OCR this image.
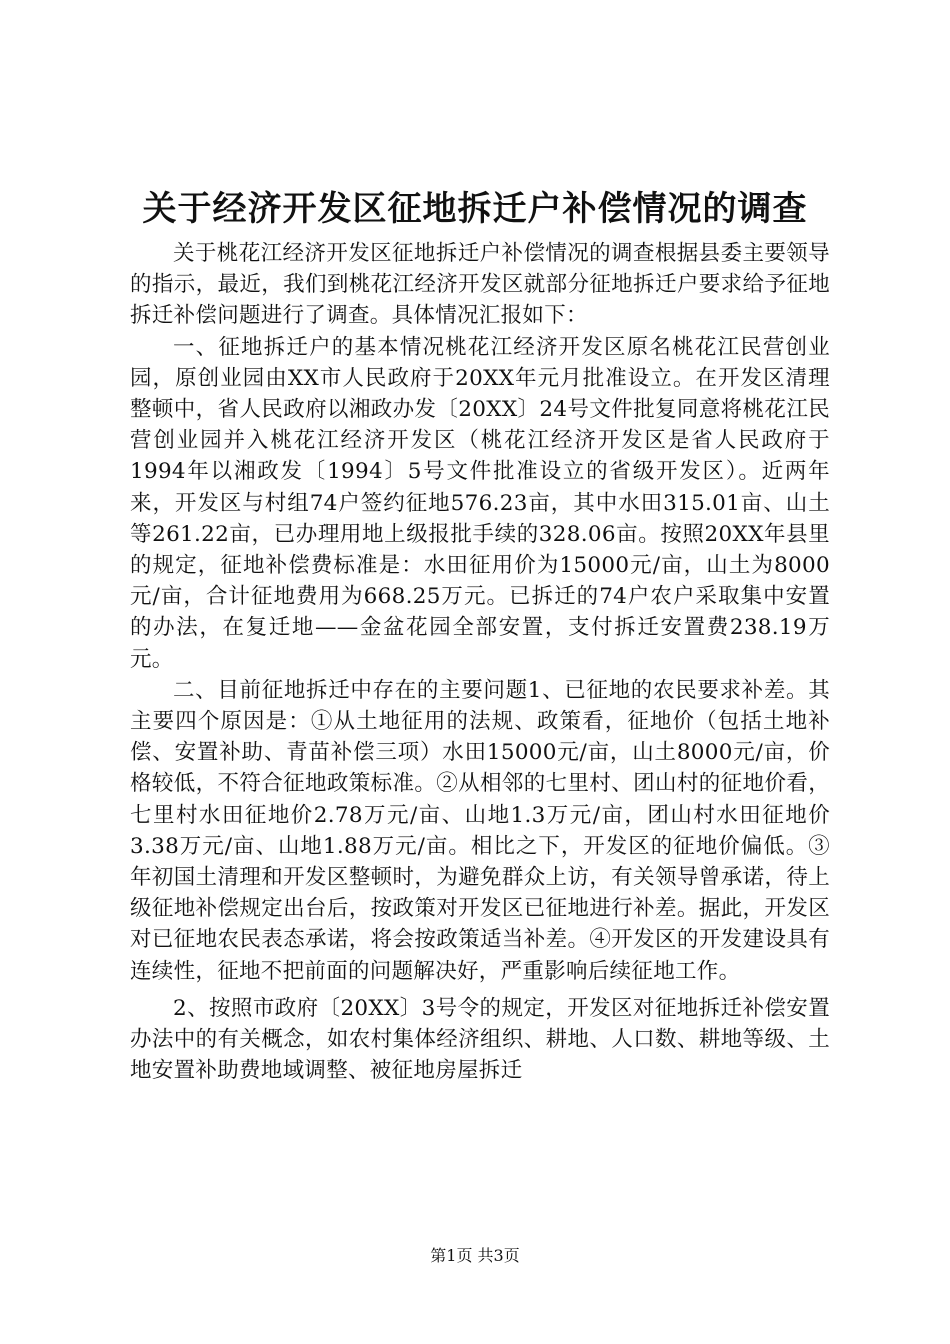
关于经济开发区征地拆迁户补偿情况的调查

关于桃花江经济开发区征地拆迁户补偿情况的调查根据县委主要领导的指示，最近，我们到桃花江经济开发区就部分征地拆迁户要求给予征地拆迁补偿问题进行了调查。具体情况汇报如下：

一、征地拆迁户的基本情况桃花江经济开发区原名桃花江民营创业园，原创业园由XX市人民政府于20XX年元月批准设立。在开发区清理整顿中，省人民政府以湘政办发〔20XX〕24号文件批复同意将桃花江民营创业园并入桃花江经济开发区（桃花江经济开发区是省人民政府于1994年以湘政发〔1994〕5号文件批准设立的省级开发区）。近两年来，开发区与村组74户签约征地576.23亩，其中水田315.01亩、山土等261.22亩，已办理用地上级报批手续的328.06亩。按照20XX年县里的规定，征地补偿费标准是：水田征用价为15000元/亩，山土为8000元/亩，合计征地费用为668.25万元。已拆迁的74户农户采取集中安置的办法，在复迁地——金盆花园全部安置，支付拆迁安置费238.19万元。

二、目前征地拆迁中存在的主要问题1、已征地的农民要求补差。其主要四个原因是：①从土地征用的法规、政策看，征地价（包括土地补偿、安置补助、青苗补偿三项）水田15000元/亩，山土8000元/亩，价格较低，不符合征地政策标准。②从相邻的七里村、团山村的征地价看，七里村水田征地价2.78万元/亩、山地1.3万元/亩，团山村水田征地价3.38万元/亩、山地1.88万元/亩。相比之下，开发区的征地价偏低。③年初国土清理和开发区整顿时，为避免群众上访，有关领导曾承诺，待上级征地补偿规定出台后，按政策对开发区已征地进行补差。据此，开发区对已征地农民表态承诺，将会按政策适当补差。④开发区的开发建设具有连续性，征地不把前面的问题解决好，严重影响后续征地工作。

2、按照市政府〔20XX〕3号令的规定，开发区对征地拆迁补偿安置办法中的有关概念，如农村集体经济组织、耕地、人口数、耕地等级、土地安置补助费地域调整、被征地房屋拆迁

第1页 共3页
